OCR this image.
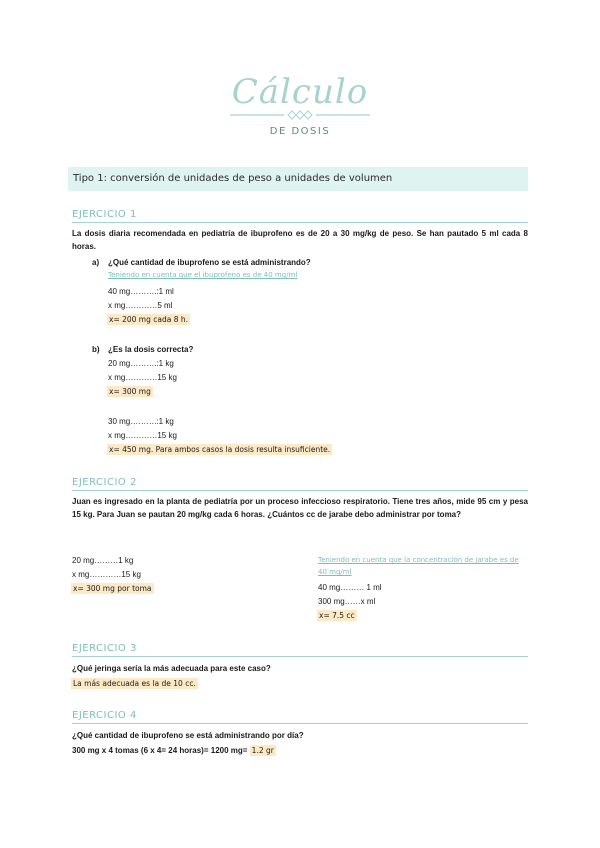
Cálculo
DE DOSIS
Tipo 1: conversión de unidades de peso a unidades de volumen
EJERCICIO 1
La dosis diaria recomendada en pediatría de ibuprofeno es de 20 a 30 mg/kg de peso. Se han pautado 5 ml cada 8 horas.
a) ¿Qué cantidad de ibuprofeno se está administrando?
Teniendo en cuenta que el ibuprofeno es de 40 mg/ml
40 mg……….:1 ml
x mg…………5 ml
x= 200 mg cada 8 h.
b) ¿Es la dosis correcta?
20 mg……….:1 kg
x mg…………15 kg
x= 300 mg
30 mg……….:1 kg
x mg…………15 kg
x= 450 mg. Para ambos casos la dosis resulta insuficiente.
EJERCICIO 2
Juan es ingresado en la planta de pediatría por un proceso infeccioso respiratorio. Tiene tres años, mide 95 cm y pesa 15 kg. Para Juan se pautan 20 mg/kg cada 6 horas. ¿Cuántos cc de jarabe debo administrar por toma?
20 mg………1 kg
x mg…………15 kg
x= 300 mg por toma
Teniendo en cuenta que la concentración de jarabe es de 40 mg/ml
40 mg……… 1 ml
300 mg……x ml
x= 7.5 cc
EJERCICIO 3
¿Qué jeringa sería la más adecuada para este caso?
La más adecuada es la de 10 cc.
EJERCICIO 4
¿Qué cantidad de ibuprofeno se está administrando por día?
300 mg x 4 tomas (6 x 4= 24 horas)= 1200 mg= 1.2 gr
